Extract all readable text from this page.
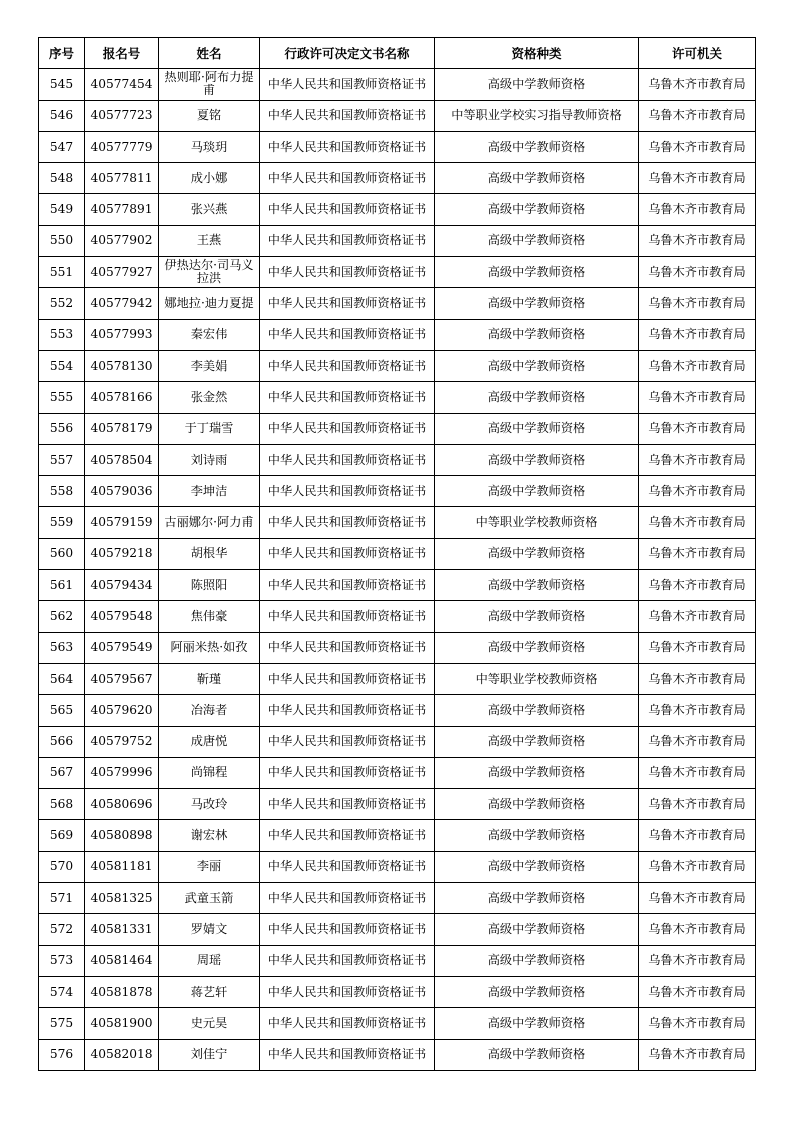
序号	报名号	姓名	行政许可决定文书名称	资格种类	许可机关
545	40577454	热则耶·阿布力提甫	中华人民共和国教师资格证书	高级中学教师资格	乌鲁木齐市教育局
546	40577723	夏铭	中华人民共和国教师资格证书	中等职业学校实习指导教师资格	乌鲁木齐市教育局
547	40577779	马琰玥	中华人民共和国教师资格证书	高级中学教师资格	乌鲁木齐市教育局
548	40577811	成小娜	中华人民共和国教师资格证书	高级中学教师资格	乌鲁木齐市教育局
549	40577891	张兴燕	中华人民共和国教师资格证书	高级中学教师资格	乌鲁木齐市教育局
550	40577902	王燕	中华人民共和国教师资格证书	高级中学教师资格	乌鲁木齐市教育局
551	40577927	伊热达尔·司马义拉洪	中华人民共和国教师资格证书	高级中学教师资格	乌鲁木齐市教育局
552	40577942	娜地拉·迪力夏提	中华人民共和国教师资格证书	高级中学教师资格	乌鲁木齐市教育局
553	40577993	秦宏伟	中华人民共和国教师资格证书	高级中学教师资格	乌鲁木齐市教育局
554	40578130	李美娟	中华人民共和国教师资格证书	高级中学教师资格	乌鲁木齐市教育局
555	40578166	张金然	中华人民共和国教师资格证书	高级中学教师资格	乌鲁木齐市教育局
556	40578179	于丁瑞雪	中华人民共和国教师资格证书	高级中学教师资格	乌鲁木齐市教育局
557	40578504	刘诗雨	中华人民共和国教师资格证书	高级中学教师资格	乌鲁木齐市教育局
558	40579036	李坤洁	中华人民共和国教师资格证书	高级中学教师资格	乌鲁木齐市教育局
559	40579159	古丽娜尔·阿力甫	中华人民共和国教师资格证书	中等职业学校教师资格	乌鲁木齐市教育局
560	40579218	胡根华	中华人民共和国教师资格证书	高级中学教师资格	乌鲁木齐市教育局
561	40579434	陈照阳	中华人民共和国教师资格证书	高级中学教师资格	乌鲁木齐市教育局
562	40579548	焦伟豪	中华人民共和国教师资格证书	高级中学教师资格	乌鲁木齐市教育局
563	40579549	阿丽米热·如孜	中华人民共和国教师资格证书	高级中学教师资格	乌鲁木齐市教育局
564	40579567	靳瑾	中华人民共和国教师资格证书	中等职业学校教师资格	乌鲁木齐市教育局
565	40579620	冶海者	中华人民共和国教师资格证书	高级中学教师资格	乌鲁木齐市教育局
566	40579752	成唐悦	中华人民共和国教师资格证书	高级中学教师资格	乌鲁木齐市教育局
567	40579996	尚锦程	中华人民共和国教师资格证书	高级中学教师资格	乌鲁木齐市教育局
568	40580696	马改玲	中华人民共和国教师资格证书	高级中学教师资格	乌鲁木齐市教育局
569	40580898	谢宏林	中华人民共和国教师资格证书	高级中学教师资格	乌鲁木齐市教育局
570	40581181	李丽	中华人民共和国教师资格证书	高级中学教师资格	乌鲁木齐市教育局
571	40581325	武童玉箭	中华人民共和国教师资格证书	高级中学教师资格	乌鲁木齐市教育局
572	40581331	罗婧文	中华人民共和国教师资格证书	高级中学教师资格	乌鲁木齐市教育局
573	40581464	周瑶	中华人民共和国教师资格证书	高级中学教师资格	乌鲁木齐市教育局
574	40581878	蒋艺轩	中华人民共和国教师资格证书	高级中学教师资格	乌鲁木齐市教育局
575	40581900	史元昊	中华人民共和国教师资格证书	高级中学教师资格	乌鲁木齐市教育局
576	40582018	刘佳宁	中华人民共和国教师资格证书	高级中学教师资格	乌鲁木齐市教育局
